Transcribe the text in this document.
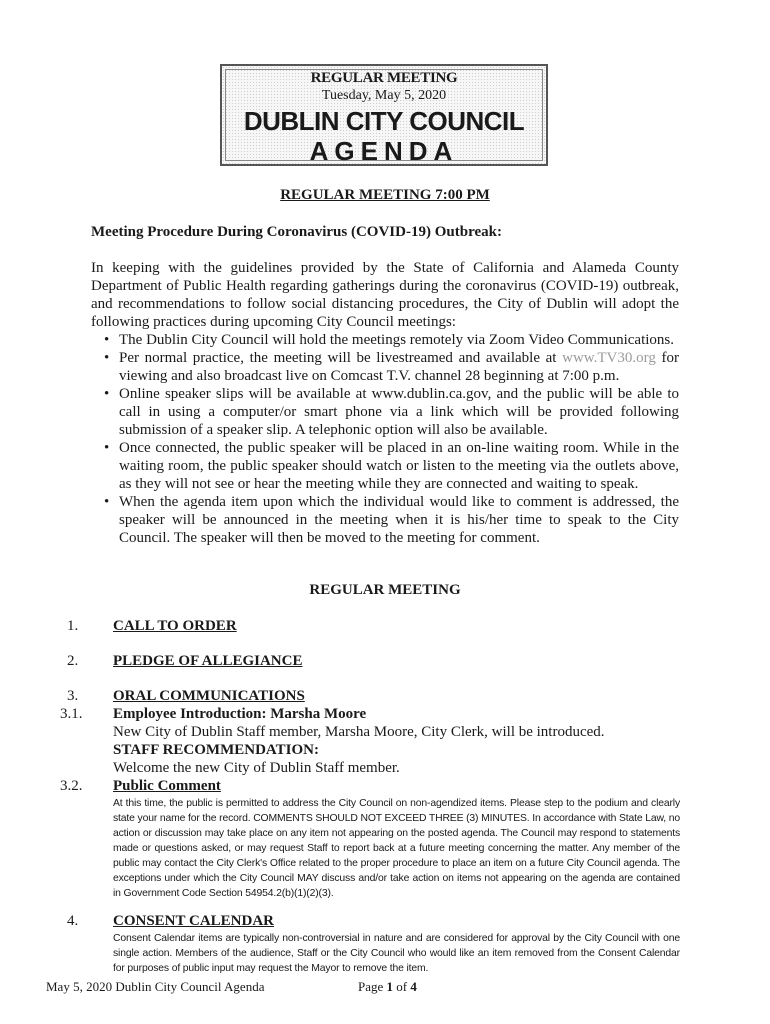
REGULAR MEETING
Tuesday, May 5, 2020
DUBLIN CITY COUNCIL
AGENDA
REGULAR MEETING 7:00 PM
Meeting Procedure During Coronavirus (COVID-19) Outbreak:
In keeping with the guidelines provided by the State of California and Alameda County Department of Public Health regarding gatherings during the coronavirus (COVID-19) outbreak, and recommendations to follow social distancing procedures, the City of Dublin will adopt the following practices during upcoming City Council meetings:
• The Dublin City Council will hold the meetings remotely via Zoom Video Communications.
• Per normal practice, the meeting will be livestreamed and available at www.TV30.org for viewing and also broadcast live on Comcast T.V. channel 28 beginning at 7:00 p.m.
• Online speaker slips will be available at www.dublin.ca.gov, and the public will be able to call in using a computer/or smart phone via a link which will be provided following submission of a speaker slip. A telephonic option will also be available.
• Once connected, the public speaker will be placed in an on-line waiting room. While in the waiting room, the public speaker should watch or listen to the meeting via the outlets above, as they will not see or hear the meeting while they are connected and waiting to speak.
• When the agenda item upon which the individual would like to comment is addressed, the speaker will be announced in the meeting when it is his/her time to speak to the City Council. The speaker will then be moved to the meeting for comment.
REGULAR MEETING
1. CALL TO ORDER
2. PLEDGE OF ALLEGIANCE
3. ORAL COMMUNICATIONS
3.1. Employee Introduction: Marsha Moore
New City of Dublin Staff member, Marsha Moore, City Clerk, will be introduced.
STAFF RECOMMENDATION:
Welcome the new City of Dublin Staff member.
3.2. Public Comment
At this time, the public is permitted to address the City Council on non-agendized items. Please step to the podium and clearly state your name for the record. COMMENTS SHOULD NOT EXCEED THREE (3) MINUTES. In accordance with State Law, no action or discussion may take place on any item not appearing on the posted agenda. The Council may respond to statements made or questions asked, or may request Staff to report back at a future meeting concerning the matter. Any member of the public may contact the City Clerk's Office related to the proper procedure to place an item on a future City Council agenda. The exceptions under which the City Council MAY discuss and/or take action on items not appearing on the agenda are contained in Government Code Section 54954.2(b)(1)(2)(3).
4. CONSENT CALENDAR
Consent Calendar items are typically non-controversial in nature and are considered for approval by the City Council with one single action. Members of the audience, Staff or the City Council who would like an item removed from the Consent Calendar for purposes of public input may request the Mayor to remove the item.
May 5, 2020 Dublin City Council Agenda	Page 1 of 4
